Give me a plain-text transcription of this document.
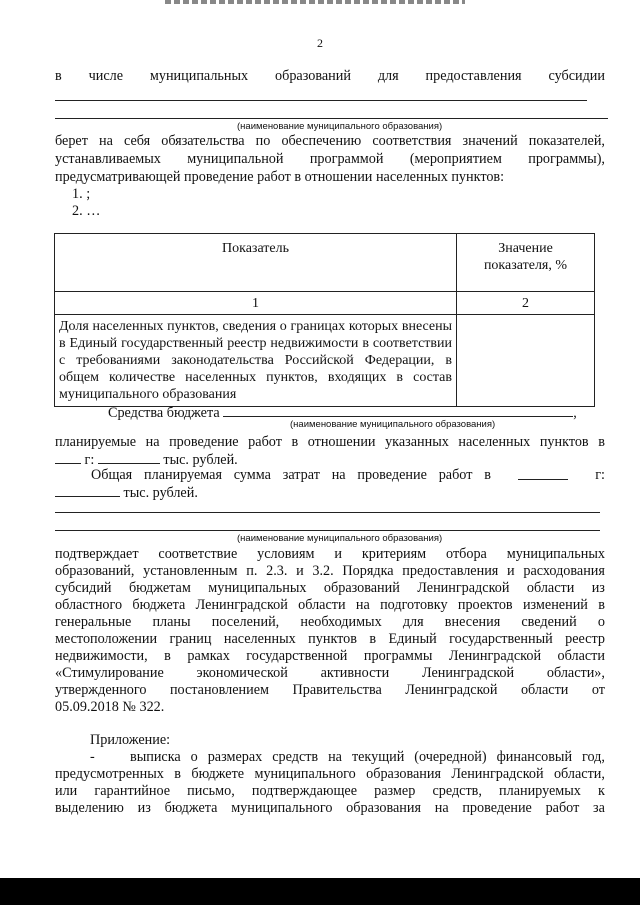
2
в числе муниципальных образований для предоставления субсидии
(наименование муниципального образования)
берет на себя обязательства по обеспечению соответствия значений показателей,
устанавливаемых муниципальной программой (мероприятием программы),
предусматривающей проведение работ в отношении населенных пунктов:
1. ;
2. …
Показатель	Значение
показателя, %
1	2
Доля населенных пунктов, сведения о границах которых внесены в Единый государственный реестр недвижимости в соответствии с требованиями законодательства Российской Федерации, в общем количестве населенных пунктов, входящих в состав муниципального образования	
Средства бюджета	,
(наименование муниципального образования)
планируемые на проведение работ в отношении указанных населенных пунктов в
г:	тыс. рублей.
Общая планируемая сумма затрат на проведение работ в	г:
тыс. рублей.
(наименование муниципального образования)
подтверждает соответствие условиям и критериям отбора муниципальных
образований, установленным п. 2.3. и 3.2. Порядка предоставления и расходования
субсидий бюджетам муниципальных образований Ленинградской области из
областного бюджета Ленинградской области на подготовку проектов изменений в
генеральные планы поселений, необходимых для внесения сведений о
местоположении границ населенных пунктов в Единый государственный реестр
недвижимости, в рамках государственной программы Ленинградской области
«Стимулирование экономической активности Ленинградской области»,
утвержденного постановлением Правительства Ленинградской области от
05.09.2018 № 322.
Приложение:
-	выписка о размерах средств на текущий (очередной) финансовый год,
предусмотренных в бюджете муниципального образования Ленинградской области,
или гарантийное письмо, подтверждающее размер средств, планируемых к
выделению из бюджета муниципального образования на проведение работ за
